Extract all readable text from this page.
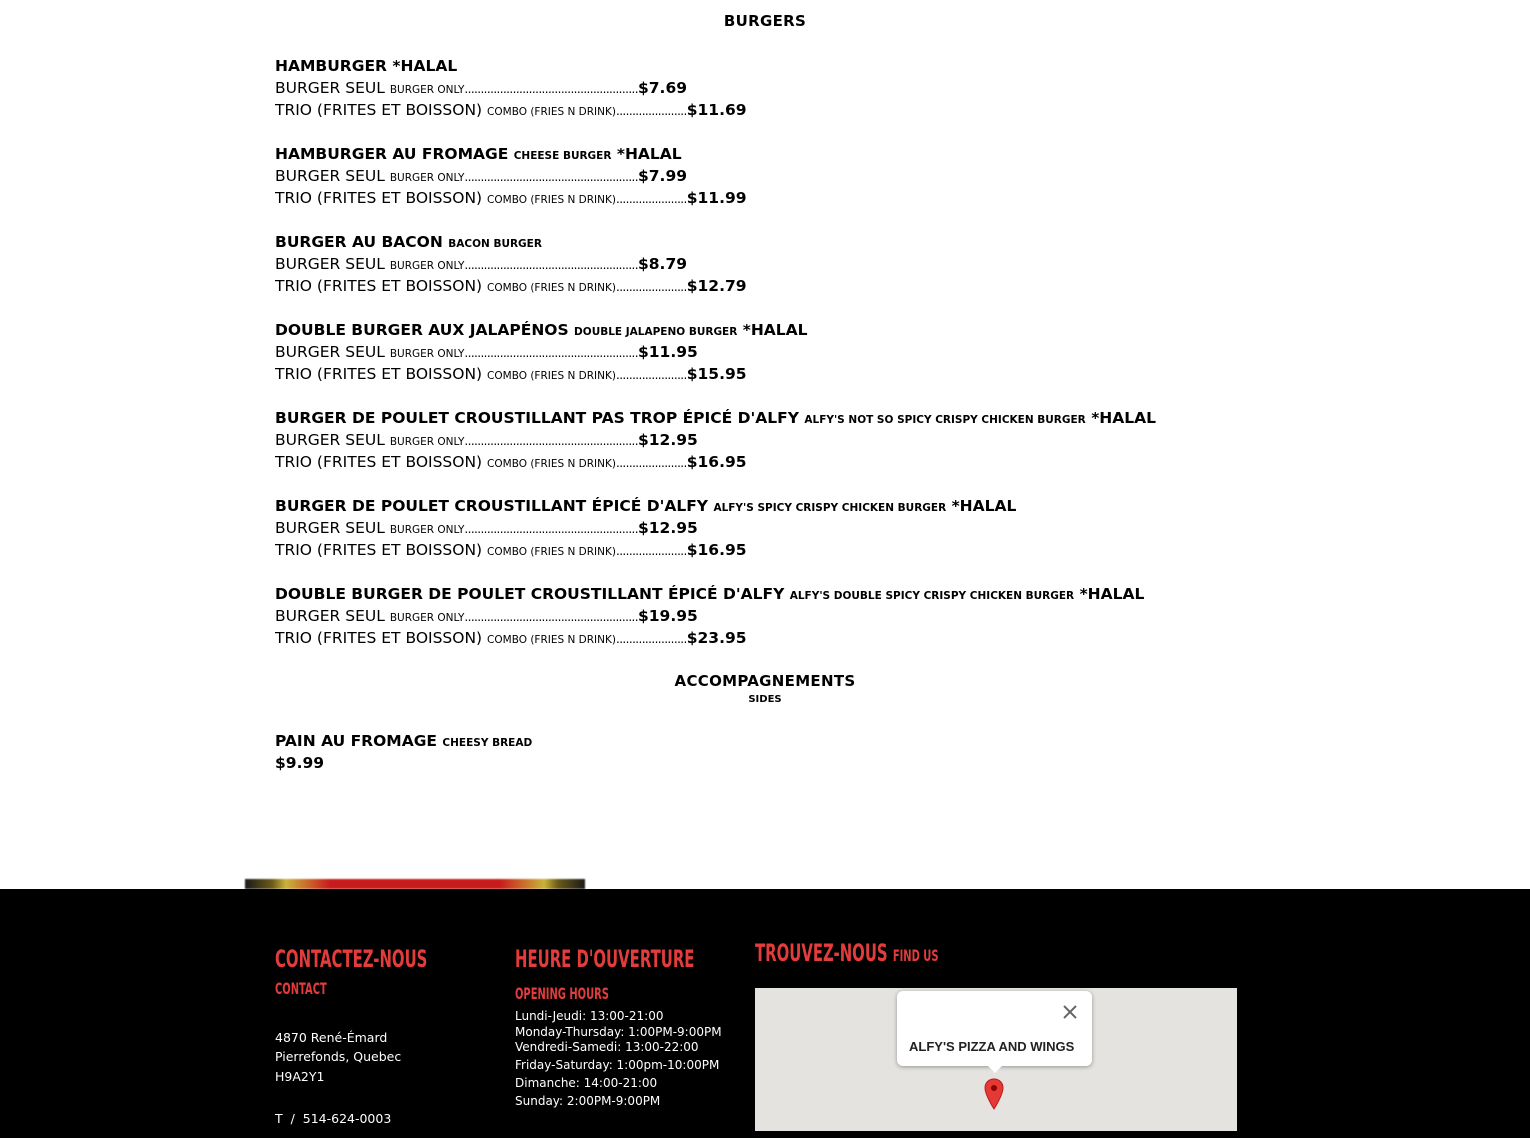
BURGERS
HAMBURGER *HALAL
BURGER SEUL BURGER ONLY......................................................$7.69
TRIO (FRITES ET BOISSON) COMBO (FRIES N DRINK)......................$11.69
HAMBURGER AU FROMAGE CHEESE BURGER *HALAL
BURGER SEUL BURGER ONLY......................................................$7.99
TRIO (FRITES ET BOISSON) COMBO (FRIES N DRINK)......................$11.99
BURGER AU BACON BACON BURGER
BURGER SEUL BURGER ONLY......................................................$8.79
TRIO (FRITES ET BOISSON) COMBO (FRIES N DRINK)......................$12.79
DOUBLE BURGER AUX JALAPÉNOS DOUBLE JALAPENO BURGER *HALAL
BURGER SEUL BURGER ONLY......................................................$11.95
TRIO (FRITES ET BOISSON) COMBO (FRIES N DRINK)......................$15.95
BURGER DE POULET CROUSTILLANT PAS TROP ÉPICÉ D'ALFY ALFY'S NOT SO SPICY CRISPY CHICKEN BURGER *HALAL
BURGER SEUL BURGER ONLY......................................................$12.95
TRIO (FRITES ET BOISSON) COMBO (FRIES N DRINK)......................$16.95
BURGER DE POULET CROUSTILLANT ÉPICÉ D'ALFY ALFY'S SPICY CRISPY CHICKEN BURGER *HALAL
BURGER SEUL BURGER ONLY......................................................$12.95
TRIO (FRITES ET BOISSON) COMBO (FRIES N DRINK)......................$16.95
DOUBLE BURGER DE POULET CROUSTILLANT ÉPICÉ D'ALFY ALFY'S DOUBLE SPICY CRISPY CHICKEN BURGER *HALAL
BURGER SEUL BURGER ONLY......................................................$19.95
TRIO (FRITES ET BOISSON) COMBO (FRIES N DRINK)......................$23.95
ACCOMPAGNEMENTS
SIDES
PAIN AU FROMAGE CHEESY BREAD
$9.99
CONTACTEZ-NOUS
CONTACT
4870 René-Émard
Pierrefonds, Quebec
H9A2Y1
T  /  514-624-0003
HEURE D'OUVERTURE
OPENING HOURS
Lundi-Jeudi: 13:00-21:00
Monday-Thursday: 1:00PM-9:00PM
Vendredi-Samedi: 13:00-22:00
Friday-Saturday: 1:00pm-10:00PM
Dimanche: 14:00-21:00
Sunday: 2:00PM-9:00PM
TROUVEZ-NOUS FIND US
ALFY'S PIZZA AND WINGS
